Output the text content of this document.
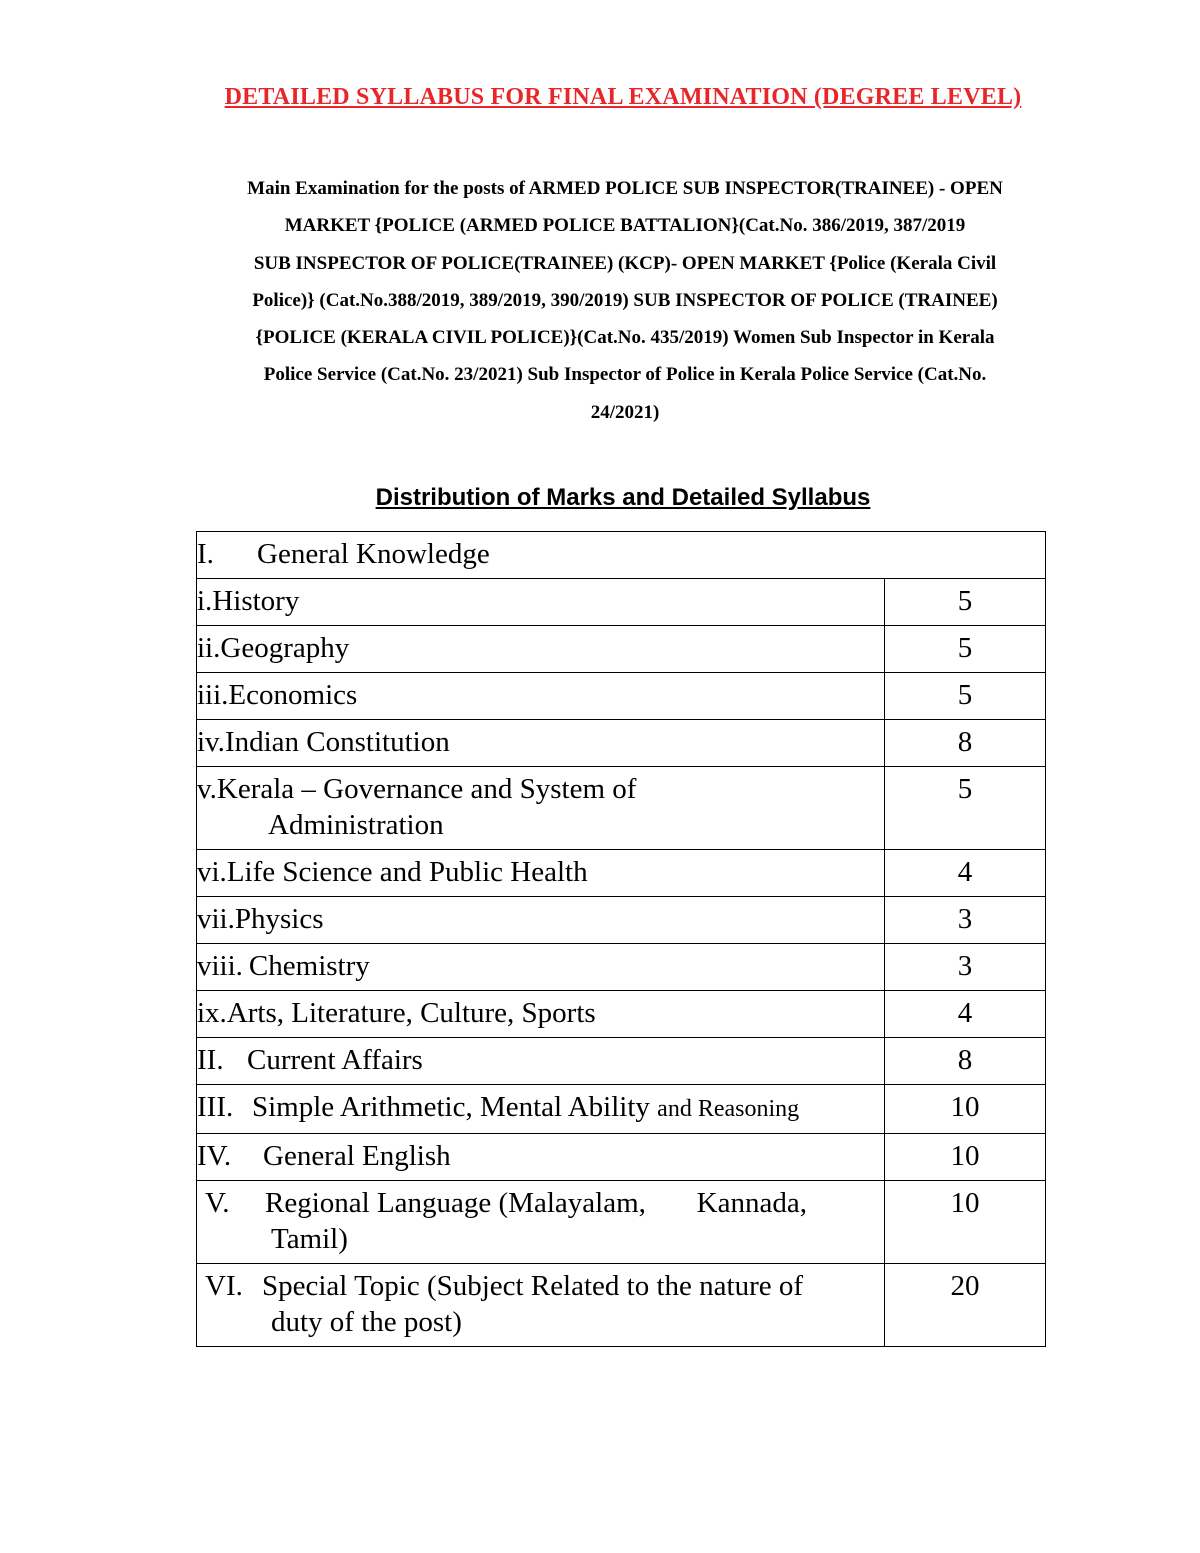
DETAILED SYLLABUS FOR FINAL EXAMINATION (DEGREE LEVEL)
Main Examination for the posts of ARMED POLICE SUB INSPECTOR(TRAINEE) - OPEN
MARKET {POLICE (ARMED POLICE BATTALION}(Cat.No. 386/2019, 387/2019
SUB INSPECTOR OF POLICE(TRAINEE) (KCP)- OPEN MARKET {Police (Kerala Civil
Police)} (Cat.No.388/2019, 389/2019, 390/2019) SUB INSPECTOR OF POLICE (TRAINEE)
{POLICE (KERALA CIVIL POLICE)}(Cat.No. 435/2019) Women Sub Inspector in Kerala
Police Service (Cat.No. 23/2021) Sub Inspector of Police in Kerala Police Service (Cat.No.
24/2021)
Distribution of Marks and Detailed Syllabus
I. General Knowledge	
i.History	5
ii.Geography	5
iii.Economics	5
iv.Indian Constitution	8
v.Kerala – Governance and System of
Administration	5
vi.Life Science and Public Health	4
vii.Physics	3
viii. Chemistry	3
ix.Arts, Literature, Culture, Sports	4
II. Current Affairs	8
III. Simple Arithmetic, Mental Ability and Reasoning	10
IV. General English	10
V. Regional Language (Malayalam,       Kannada,
Tamil)	10
VI. Special Topic (Subject Related to the nature of
duty of the post)	20
